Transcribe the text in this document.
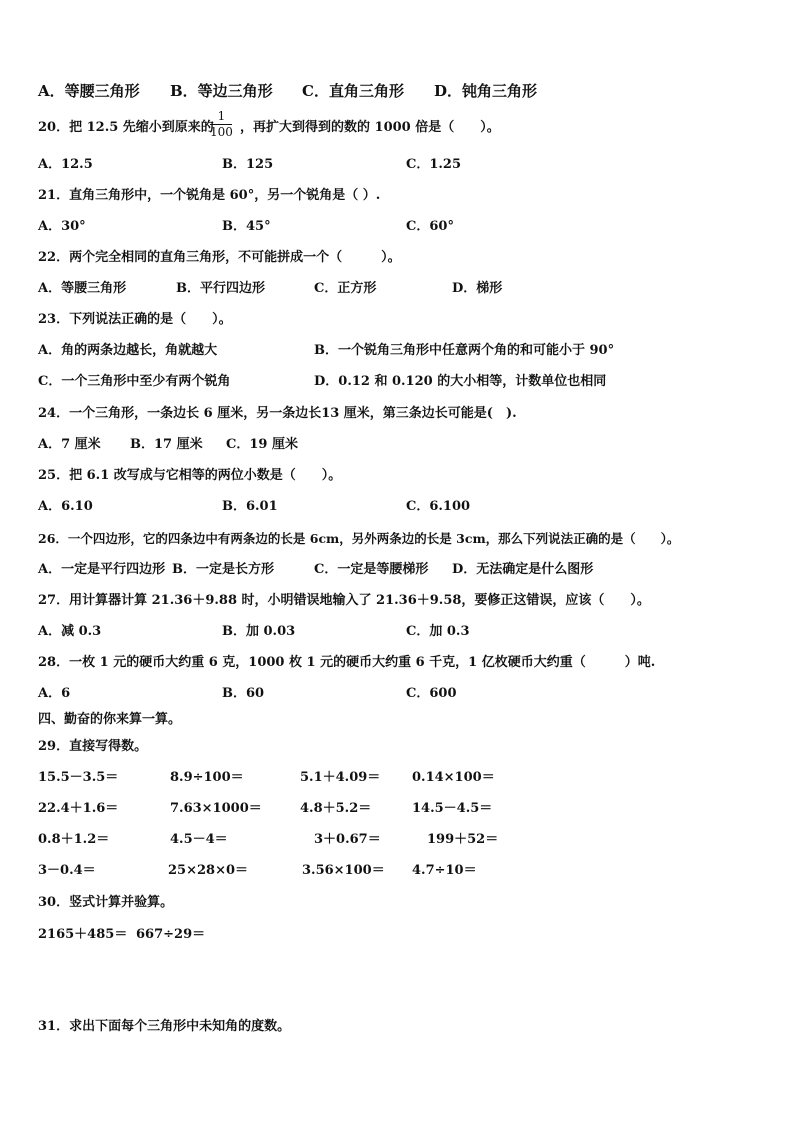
A．等腰三角形 B．等边三角形 C．直角三角形 D．钝角三角形
20．把 12.5 先缩小到原来的
1
100 ，再扩大到得到的数的 1000 倍是（　　）。
A．12.5	B．125	C．1.25
21．直角三角形中，一个锐角是 60°，另一个锐角是（ ）.
A．30°	B．45°	C．60°
22．两个完全相同的直角三角形，不可能拼成一个（　　　）。
A．等腰三角形	B．平行四边形	C．正方形	D．梯形
23．下列说法正确的是（　　）。
A．角的两条边越长，角就越大	B．一个锐角三角形中任意两个角的和可能小于 90°
C．一个三角形中至少有两个锐角	D．0.12 和 0.120 的大小相等，计数单位也相同
24．一个三角形，一条边长 6 厘米，另一条边长13 厘米，第三条边长可能是(　).
A．7 厘米 B．17 厘米 C．19 厘米
25．把 6.1 改写成与它相等的两位小数是（　　）。
A．6.10	B．6.01	C．6.100
26．一个四边形，它的四条边中有两条边的长是 6cm，另外两条边的长是 3cm，那么下列说法正确的是（　　）。
A．一定是平行四边形 B．一定是长方形	C．一定是等腰梯形 D．无法确定是什么图形
27．用计算器计算 21.36＋9.88 时，小明错误地输入了 21.36＋9.58，要修正这错误，应该（　　）。
A．减 0.3	B．加 0.03	C．加 0.3
28．一枚 1 元的硬币大约重 6 克，1000 枚 1 元的硬币大约重 6 千克，1 亿枚硬币大约重（　　　）吨.
A．6	B．60	C．600
四、勤奋的你来算一算。
29．直接写得数。
15.5－3.5＝	8.9÷100＝	5.1＋4.09＝ 0.14×100＝
22.4＋1.6＝	7.63×1000＝	4.8＋5.2＝	14.5－4.5＝
0.8＋1.2＝	4.5－4＝	3＋0.67＝	199＋52＝
3－0.4＝	25×28×0＝	3.56×100＝ 4.7÷10＝
30．竖式计算并验算。
2165＋485＝ 667÷29＝
31．求出下面每个三角形中未知角的度数。
